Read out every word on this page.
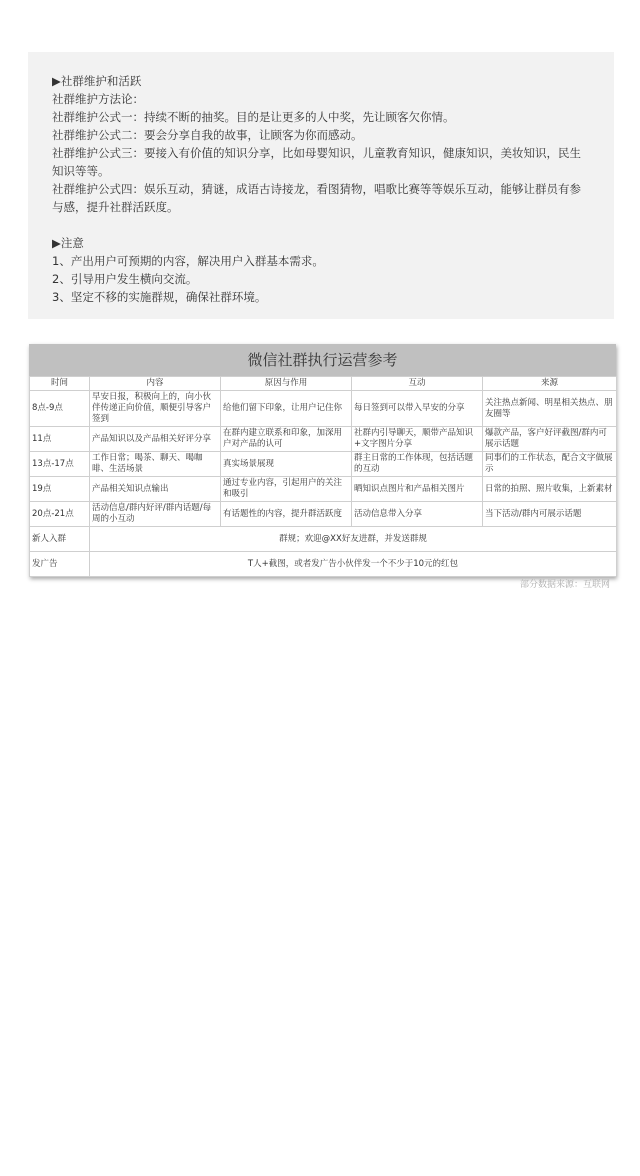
▶社群维护和活跃

社群维护方法论：

社群维护公式一：持续不断的抽奖。目的是让更多的人中奖，先让顾客欠你情。

社群维护公式二：要会分享自我的故事，让顾客为你而感动。

社群维护公式三：要接入有价值的知识分享，比如母婴知识，儿童教育知识，健康知识，美妆知识，民生知识等等。

社群维护公式四：娱乐互动，猜谜，成语古诗接龙，看图猜物，唱歌比赛等等娱乐互动，能够让群员有参与感，提升社群活跃度。

▶注意

1、产出用户可预期的内容，解决用户入群基本需求。

2、引导用户发生横向交流。

3、坚定不移的实施群规，确保社群环境。

微信社群执行运营参考
时间	内容	原因与作用	互动	来源
8点-9点	早安日报，积极向上的，向小伙伴传递正向价值，顺便引导客户签到	给他们留下印象，让用户记住你	每日签到可以带入早安的分享	关注热点新闻、明星相关热点、朋友圈等
11点	产品知识以及产品相关好评分享	在群内建立联系和印象，加深用户对产品的认可	社群内引导聊天，顺带产品知识+文字图片分享	爆款产品，客户好评截图/群内可展示话题
13点-17点	工作日常；喝茶、聊天、喝咖啡、生活场景	真实场景展现	群主日常的工作体现，包括话题的互动	同事们的工作状态，配合文字做展示
19点	产品相关知识点输出	通过专业内容，引起用户的关注和吸引	晒知识点图片和产品相关图片	日常的拍照、照片收集，上新素材
20点-21点	活动信息/群内好评/群内话题/每周的小互动	有话题性的内容，提升群活跃度	活动信息带入分享	当下活动/群内可展示话题
新人入群	群规；欢迎@XX好友进群，并发送群规			
发广告	T人+截图，或者发广告小伙伴发一个不少于10元的红包			
部分数据来源：互联网
